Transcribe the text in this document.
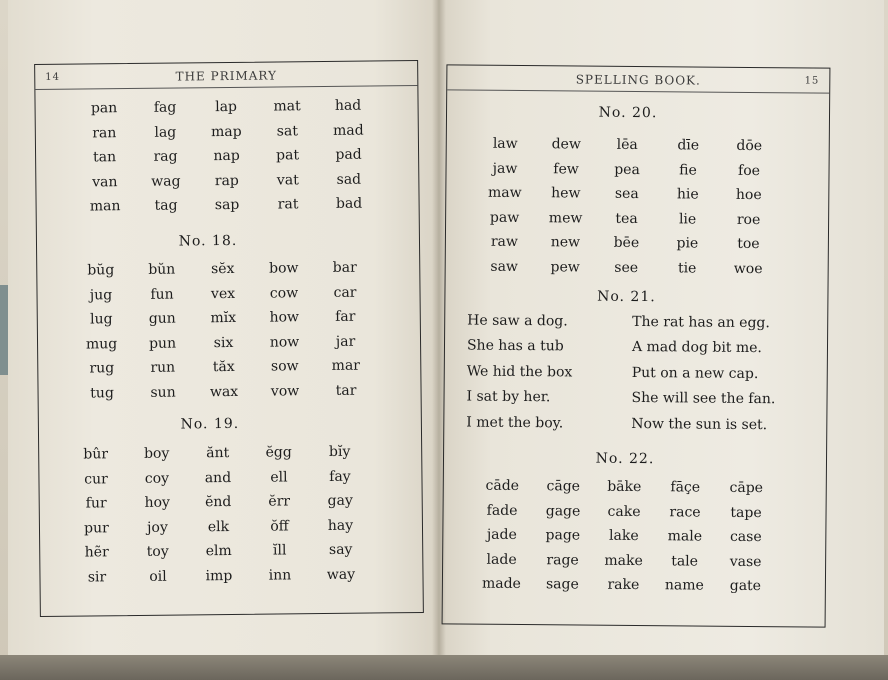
14	THE PRIMARY
pan	fag	lap	mat	had
ran	lag	map	sat	mad
tan	rag	nap	pat	pad
van	wag	rap	vat	sad
man	tag	sap	rat	bad
No. 18.
bŭg	bŭn	sĕx	bow	bar
jug	fun	vex	cow	car
lug	gun	mĭx	how	far
mug	pun	six	now	jar
rug	run	tăx	sow	mar
tug	sun	wax	vow	tar
No. 19.
bûr	boy	ănt	ĕgg	bĭy
cur	coy	and	ell	fay
fur	hoy	ĕnd	ĕrr	gay
pur	joy	elk	ŏff	hay
hẽr	toy	elm	ĭll	say
sir	oil	imp	inn	way
SPELLING BOOK.	15
No. 20.
law	dew	lēa	dīe	dōe
jaw	few	pea	fie	foe
maw	hew	sea	hie	hoe
paw	mew	tea	lie	roe
raw	new	bēe	pie	toe
saw	pew	see	tie	woe
No. 21.
He saw a dog.	The rat has an egg.
She has a tub	A mad dog bit me.
We hid the box	Put on a new cap.
I sat by her.	She will see the fan.
I met the boy.	Now the sun is set.
No. 22.
cāde	cāge	bāke	fāçe	cāpe
fade	gage	cake	race	tape
jade	page	lake	male	case
lade	rage	make	tale	vase
made	sage	rake	name	gate
